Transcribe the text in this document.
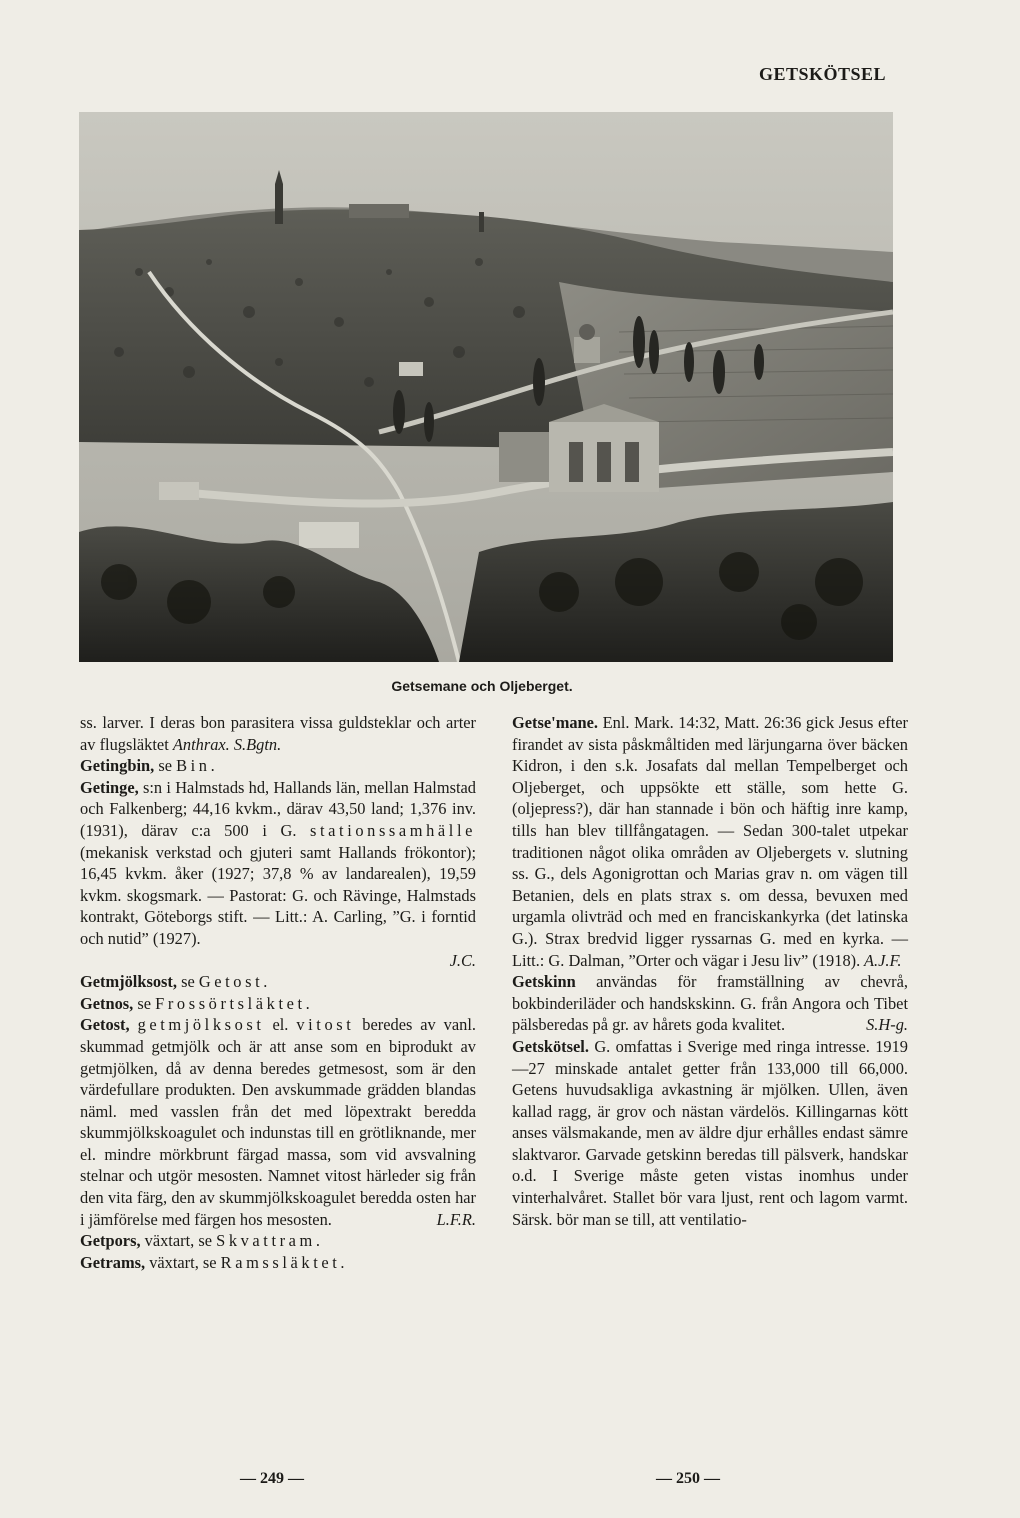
GETSKÖTSEL
Getsemane och Oljeberget.

ss. larver. I deras bon parasitera vissa guldsteklar och arter av flugsläktet Anthrax. S.Bgtn.

Getingbin, se Bin.

Getinge, s:n i Halmstads hd, Hallands län, mellan Halmstad och Falkenberg; 44,16 kvkm., därav 43,50 land; 1,376 inv. (1931), därav c:a 500 i G. stationssamhälle (mekanisk verkstad och gjuteri samt Hallands frökontor); 16,45 kvkm. åker (1927; 37,8 % av landarealen), 19,59 kvkm. skogsmark. — Pastorat: G. och Rävinge, Halmstads kontrakt, Göteborgs stift. — Litt.: A. Carling, ”G. i forntid och nutid” (1927).

J.C.

Getmjölksost, se Getost.

Getnos, se Frossörtsläktet.

Getost, getmjölksost el. vitost beredes av vanl. skummad getmjölk och är att anse som en biprodukt av getmjölken, då av denna beredes getmesost, som är den värdefullare produkten. Den avskummade grädden blandas näml. med vasslen från det med löpextrakt beredda skummjölkskoagulet och indunstas till en grötliknande, mer el. mindre mörkbrunt färgad massa, som vid avsvalning stelnar och utgör mesosten. Namnet vitost härleder sig från den vita färg, den av skummjölkskoagulet beredda osten har i jämförelse med färgen hos mesosten.	L.F.R.

Getpors, växtart, se Skvattram.

Getrams, växtart, se Ramssläktet.

Getse'mane. Enl. Mark. 14:32, Matt. 26:36 gick Jesus efter firandet av sista påskmåltiden med lärjungarna över bäcken Kidron, i den s.k. Josafats dal mellan Tempelberget och Oljeberget, och uppsökte ett ställe, som hette G. (oljepress?), där han stannade i bön och häftig inre kamp, tills han blev tillfångatagen. — Sedan 300-talet utpekar traditionen något olika områden av Oljebergets v. slutning ss. G., dels Agonigrottan och Marias grav n. om vägen till Betanien, dels en plats strax s. om dessa, bevuxen med urgamla olivträd och med en franciskankyrka (det latinska G.). Strax bredvid ligger ryssarnas G. med en kyrka. — Litt.: G. Dalman, ”Orter och vägar i Jesu liv” (1918). A.J.F.

Getskinn användas för framställning av chevrå, bokbinderiläder och handskskinn. G. från Angora och Tibet pälsberedas på gr. av hårets goda kvalitet.	S.H-g.

Getskötsel. G. omfattas i Sverige med ringa intresse. 1919—27 minskade antalet getter från 133,000 till 66,000. Getens huvudsakliga avkastning är mjölken. Ullen, även kallad ragg, är grov och nästan värdelös. Killingarnas kött anses välsmakande, men av äldre djur erhålles endast sämre slaktvaror. Garvade getskinn beredas till pälsverk, handskar o.d. I Sverige måste geten vistas inomhus under vinterhalvåret. Stallet bör vara ljust, rent och lagom varmt. Särsk. bör man se till, att ventilatio-

— 249 —	— 250 —
